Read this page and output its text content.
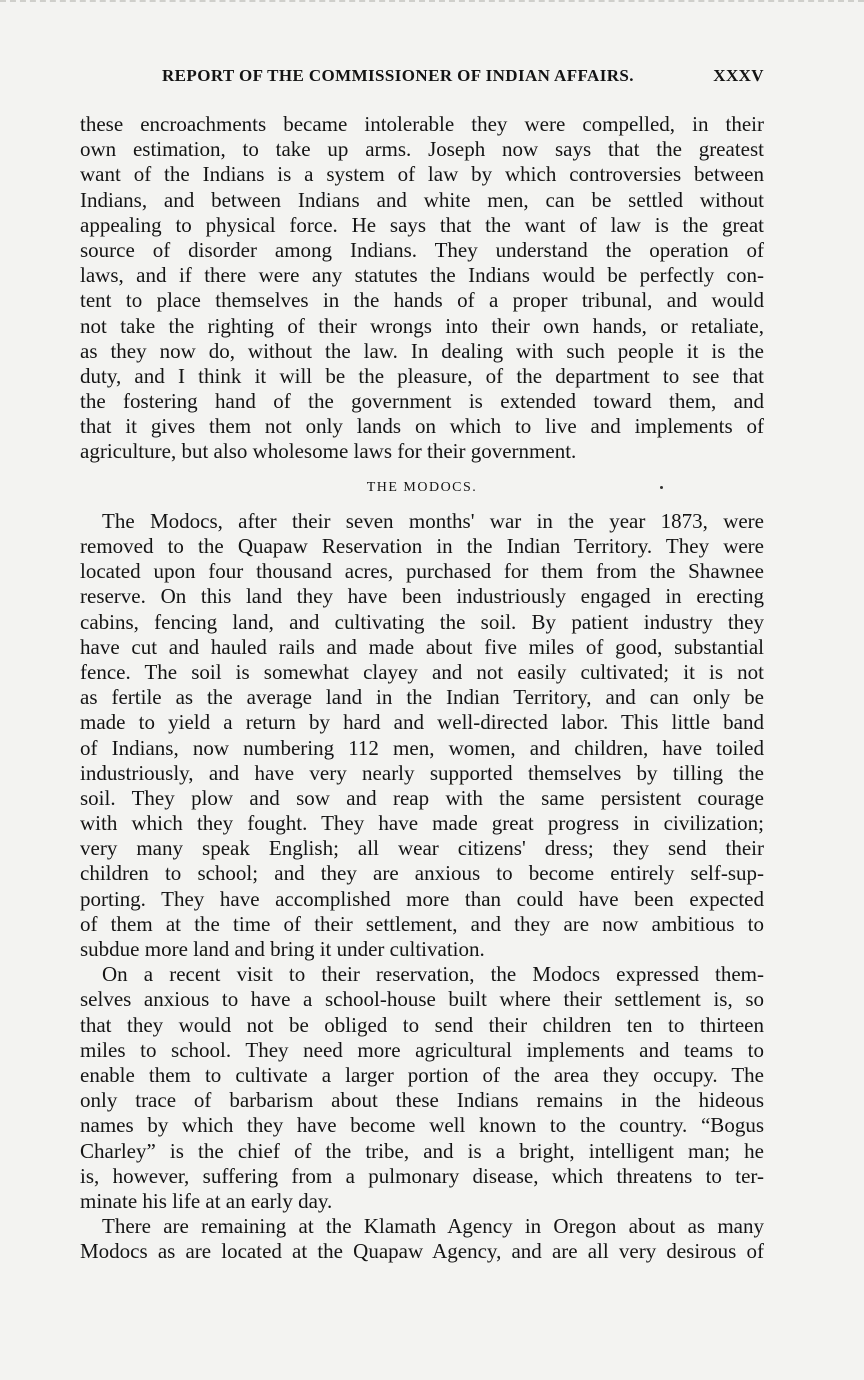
REPORT OF THE COMMISSIONER OF INDIAN AFFAIRS.	XXXV
these encroachments became intolerable they were compelled, in their
own estimation, to take up arms. Joseph now says that the greatest
want of the Indians is a system of law by which controversies between
Indians, and between Indians and white men, can be settled without
appealing to physical force. He says that the want of law is the great
source of disorder among Indians. They understand the operation of
laws, and if there were any statutes the Indians would be perfectly con-
tent to place themselves in the hands of a proper tribunal, and would
not take the righting of their wrongs into their own hands, or retaliate,
as they now do, without the law. In dealing with such people it is the
duty, and I think it will be the pleasure, of the department to see that
the fostering hand of the government is extended toward them, and
that it gives them not only lands on which to live and implements of
agriculture, but also wholesome laws for their government.
THE MODOCS.
The Modocs, after their seven months' war in the year 1873, were
removed to the Quapaw Reservation in the Indian Territory. They were
located upon four thousand acres, purchased for them from the Shawnee
reserve. On this land they have been industriously engaged in erecting
cabins, fencing land, and cultivating the soil. By patient industry they
have cut and hauled rails and made about five miles of good, substantial
fence. The soil is somewhat clayey and not easily cultivated; it is not
as fertile as the average land in the Indian Territory, and can only be
made to yield a return by hard and well-directed labor. This little band
of Indians, now numbering 112 men, women, and children, have toiled
industriously, and have very nearly supported themselves by tilling the
soil. They plow and sow and reap with the same persistent courage
with which they fought. They have made great progress in civilization;
very many speak English; all wear citizens' dress; they send their
children to school; and they are anxious to become entirely self-sup-
porting. They have accomplished more than could have been expected
of them at the time of their settlement, and they are now ambitious to
subdue more land and bring it under cultivation.
On a recent visit to their reservation, the Modocs expressed them-
selves anxious to have a school-house built where their settlement is, so
that they would not be obliged to send their children ten to thirteen
miles to school. They need more agricultural implements and teams to
enable them to cultivate a larger portion of the area they occupy. The
only trace of barbarism about these Indians remains in the hideous
names by which they have become well known to the country. “Bogus
Charley” is the chief of the tribe, and is a bright, intelligent man; he
is, however, suffering from a pulmonary disease, which threatens to ter-
minate his life at an early day.
There are remaining at the Klamath Agency in Oregon about as many
Modocs as are located at the Quapaw Agency, and are all very desirous of
